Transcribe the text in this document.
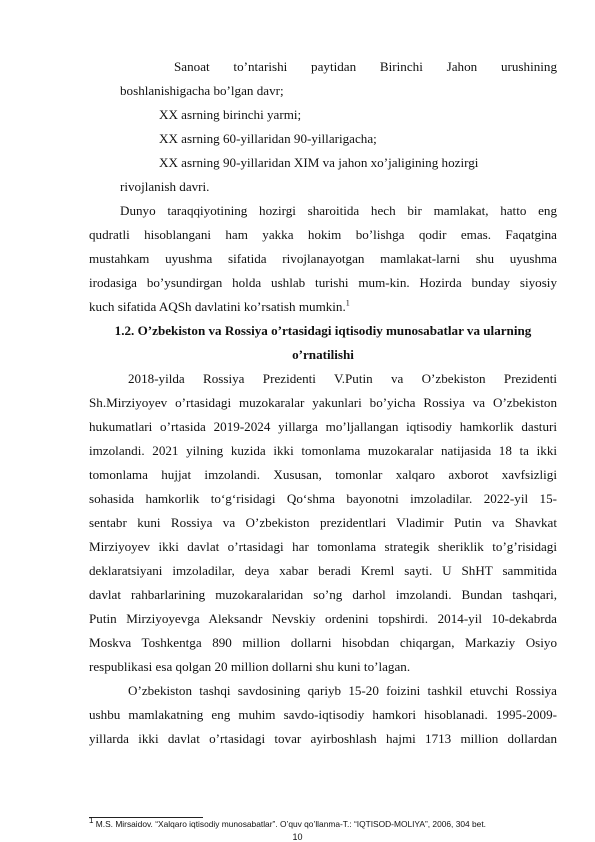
Sanoat to’ntarishi paytidan Birinchi Jahon urushining
boshlanishigacha bo’lgan davr;
XX asrning birinchi yarmi;
XX asrning 60-yillaridan 90-yillarigacha;
XX asrning 90-yillaridan XIM va jahon xo’jaligining hozirgi
rivojlanish davri.
Dunyo taraqqiyotining hozirgi sharoitida hech bir mamlakat, hatto eng
qudratli hisoblangani ham yakka hokim bo’lishga qodir emas. Faqatgina
mustahkam uyushma sifatida rivojlanayotgan mamlakat-larni shu uyushma
irodasiga bo’ysundirgan holda ushlab turishi mum-kin. Hozirda bunday siyosiy
kuch sifatida AQSh davlatini ko’rsatish mumkin.$^1$
1.2. O’zbekiston va Rossiya o’rtasidagi iqtisodiy munosabatlar va ularning
o’rnatilishi
2018-yilda Rossiya Prezidenti V.Putin va O’zbekiston Prezidenti
Sh.Mirziyoyev o’rtasidagi muzokaralar yakunlari bo’yicha Rossiya va O’zbekiston
hukumatlari o’rtasida 2019-2024 yillarga mo’ljallangan iqtisodiy hamkorlik dasturi
imzolandi. 2021 yilning kuzida ikki tomonlama muzokaralar natijasida 18 ta ikki
tomonlama hujjat imzolandi. Xususan, tomonlar xalqaro axborot xavfsizligi
sohasida hamkorlik to‘g‘risidagi Qo‘shma bayonotni imzoladilar. 2022-yil 15-
sentabr kuni Rossiya va O’zbekiston prezidentlari Vladimir Putin va Shavkat
Mirziyoyev ikki davlat o’rtasidagi har tomonlama strategik sheriklik to’g’risidagi
deklaratsiyani imzoladilar, deya xabar beradi Kreml sayti. U ShHT sammitida
davlat rahbarlarining muzokaralaridan so’ng darhol imzolandi. Bundan tashqari,
Putin Mirziyoyevga Aleksandr Nevskiy ordenini topshirdi. 2014-yil 10-dekabrda
Moskva Toshkentga 890 million dollarni hisobdan chiqargan, Markaziy Osiyo
respublikasi esa qolgan 20 million dollarni shu kuni to’lagan.
O’zbekiston tashqi savdosining qariyb 15-20 foizini tashkil etuvchi Rossiya
ushbu mamlakatning eng muhim savdo-iqtisodiy hamkori hisoblanadi. 1995-2009-
yillarda ikki davlat o’rtasidagi tovar ayirboshlash hajmi 1713 million dollardan
1 M.S. Mirsaidov. “Xalqaro iqtisodiy munosabatlar”. O’quv qo’llanma-T.: “IQTISOD-MOLIYA”, 2006, 304 bet.
10
